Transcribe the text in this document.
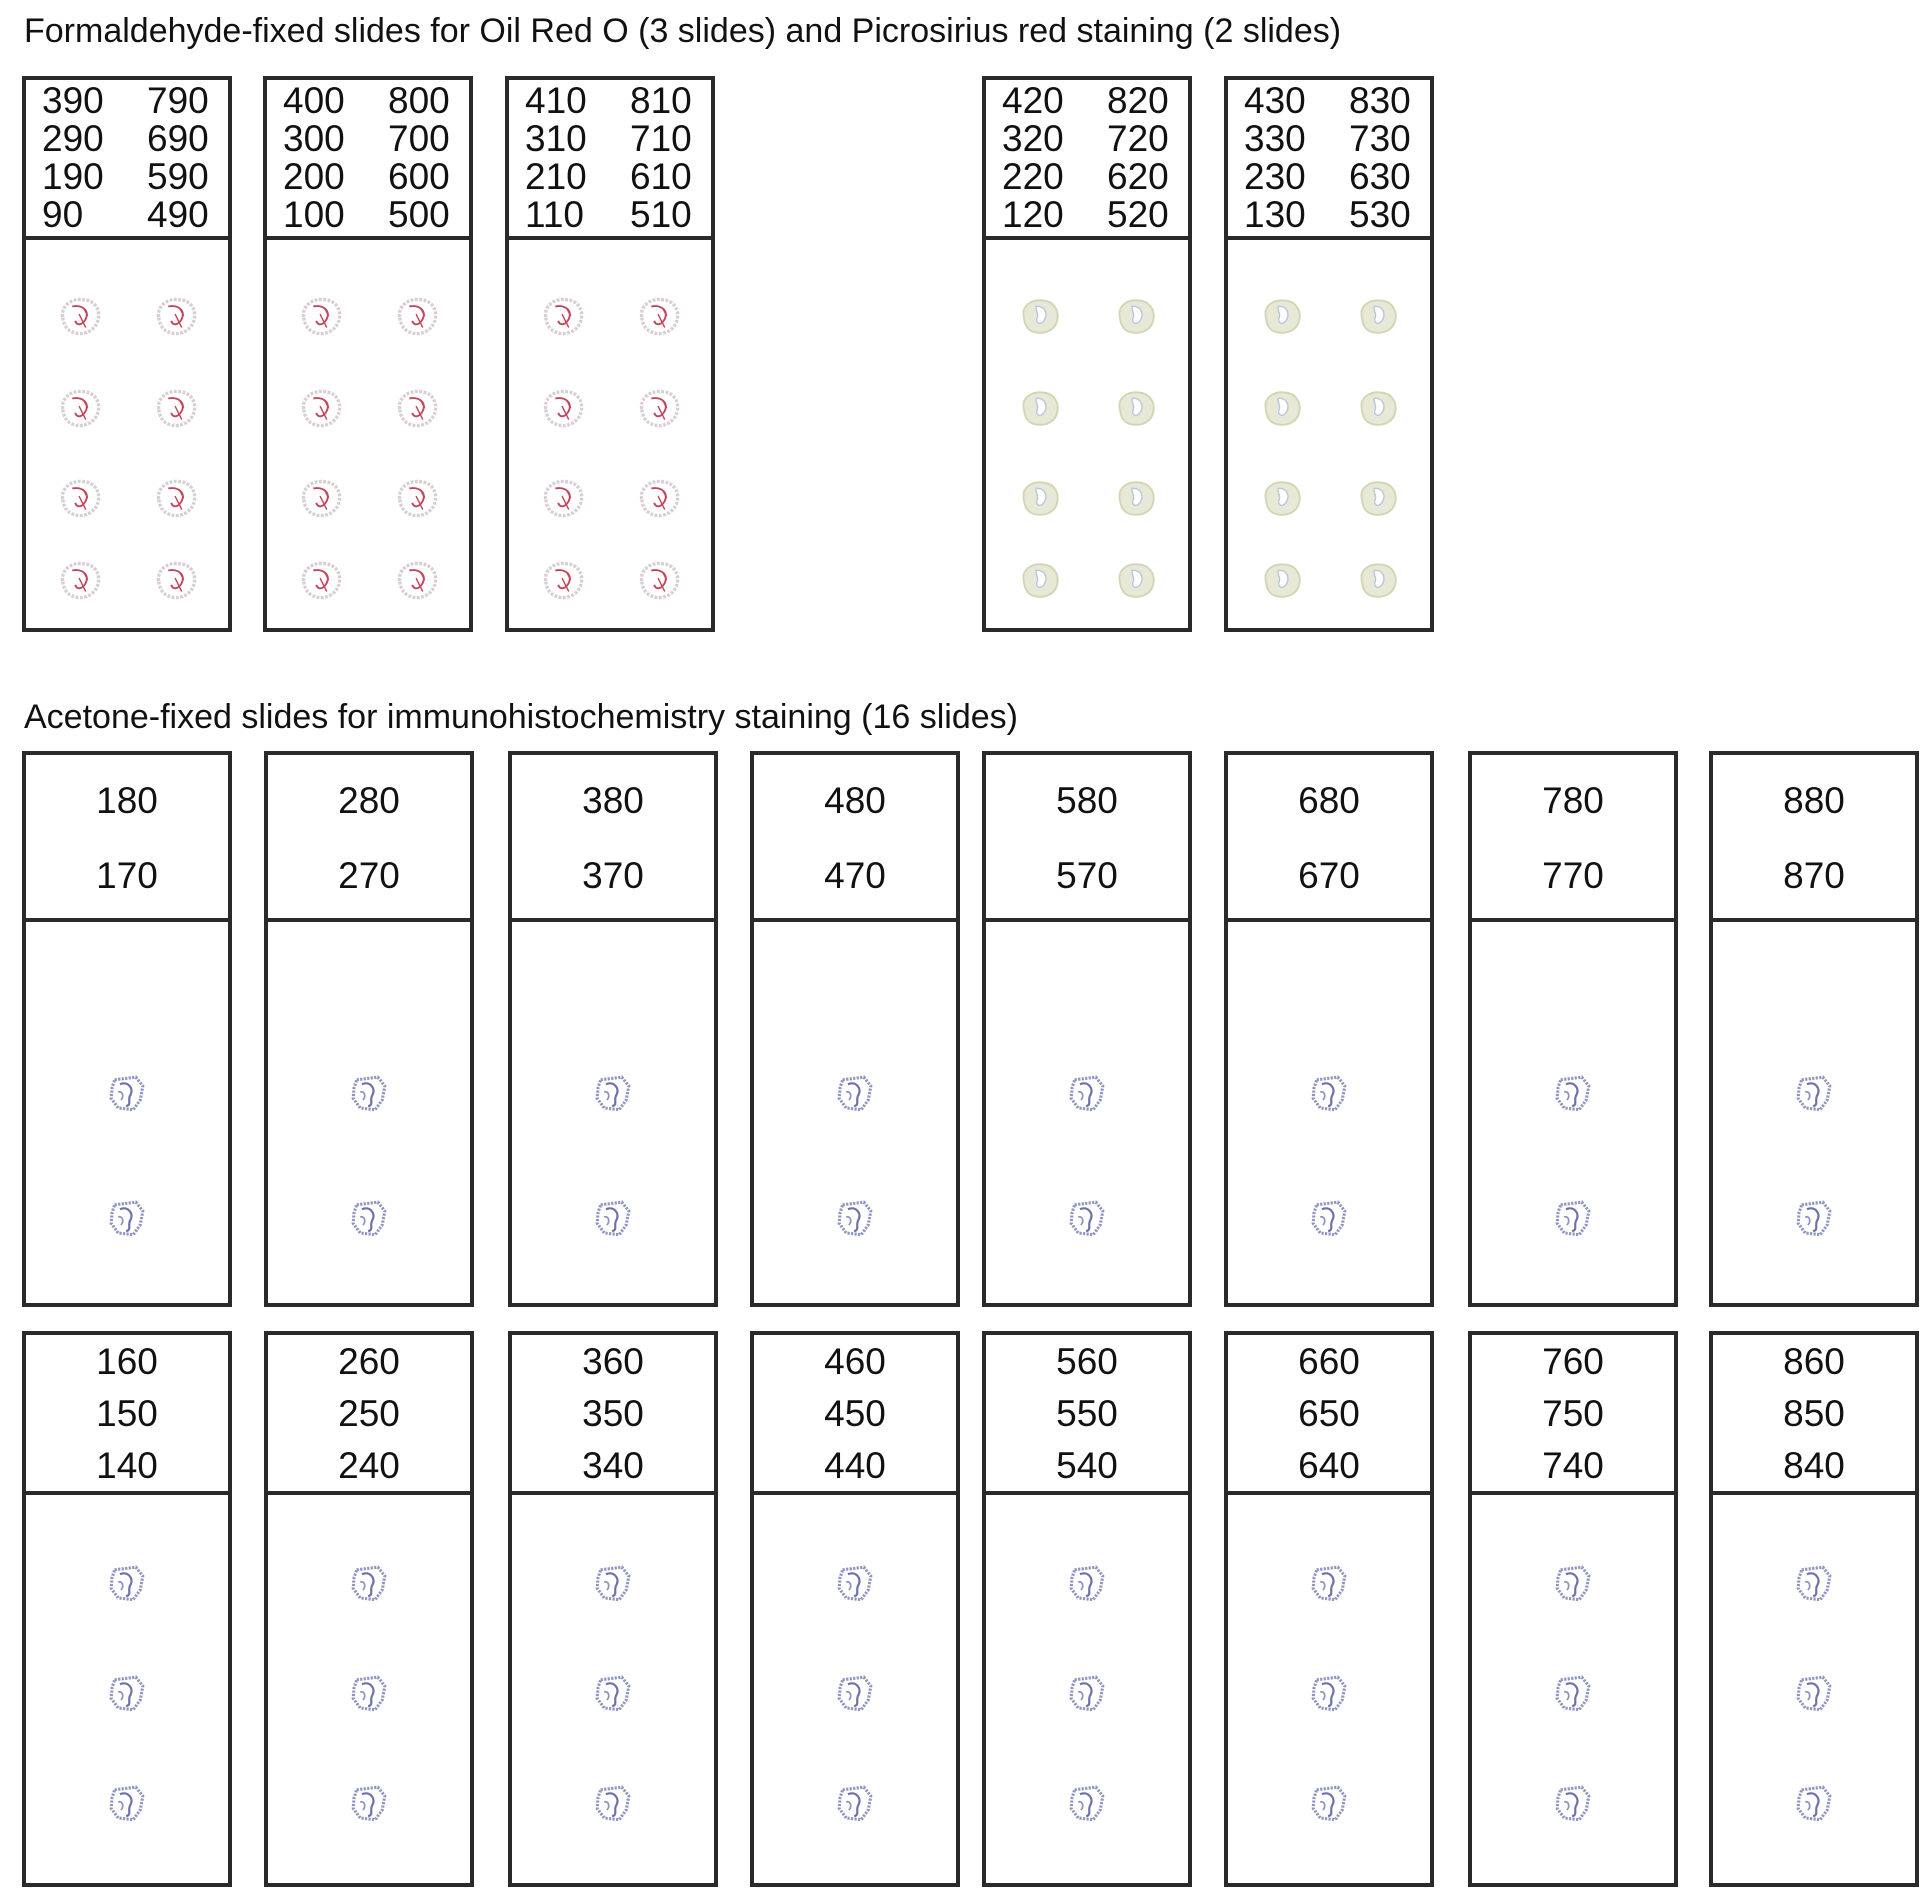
Formaldehyde-fixed slides for Oil Red O (3 slides) and Picrosirius red staining (2 slides)
390 790
290 690
190 590
90 490
400 800
300 700
200 600
100 500
410 810
310 710
210 610
110 510
420 820
320 720
220 620
120 520
430 830
330 730
230 630
130 530
Acetone-fixed slides for immunohistochemistry staining (16 slides)
180
170
280
270
380
370
480
470
580
570
680
670
780
770
880
870
160
150
140
260
250
240
360
350
340
460
450
440
560
550
540
660
650
640
760
750
740
860
850
840
